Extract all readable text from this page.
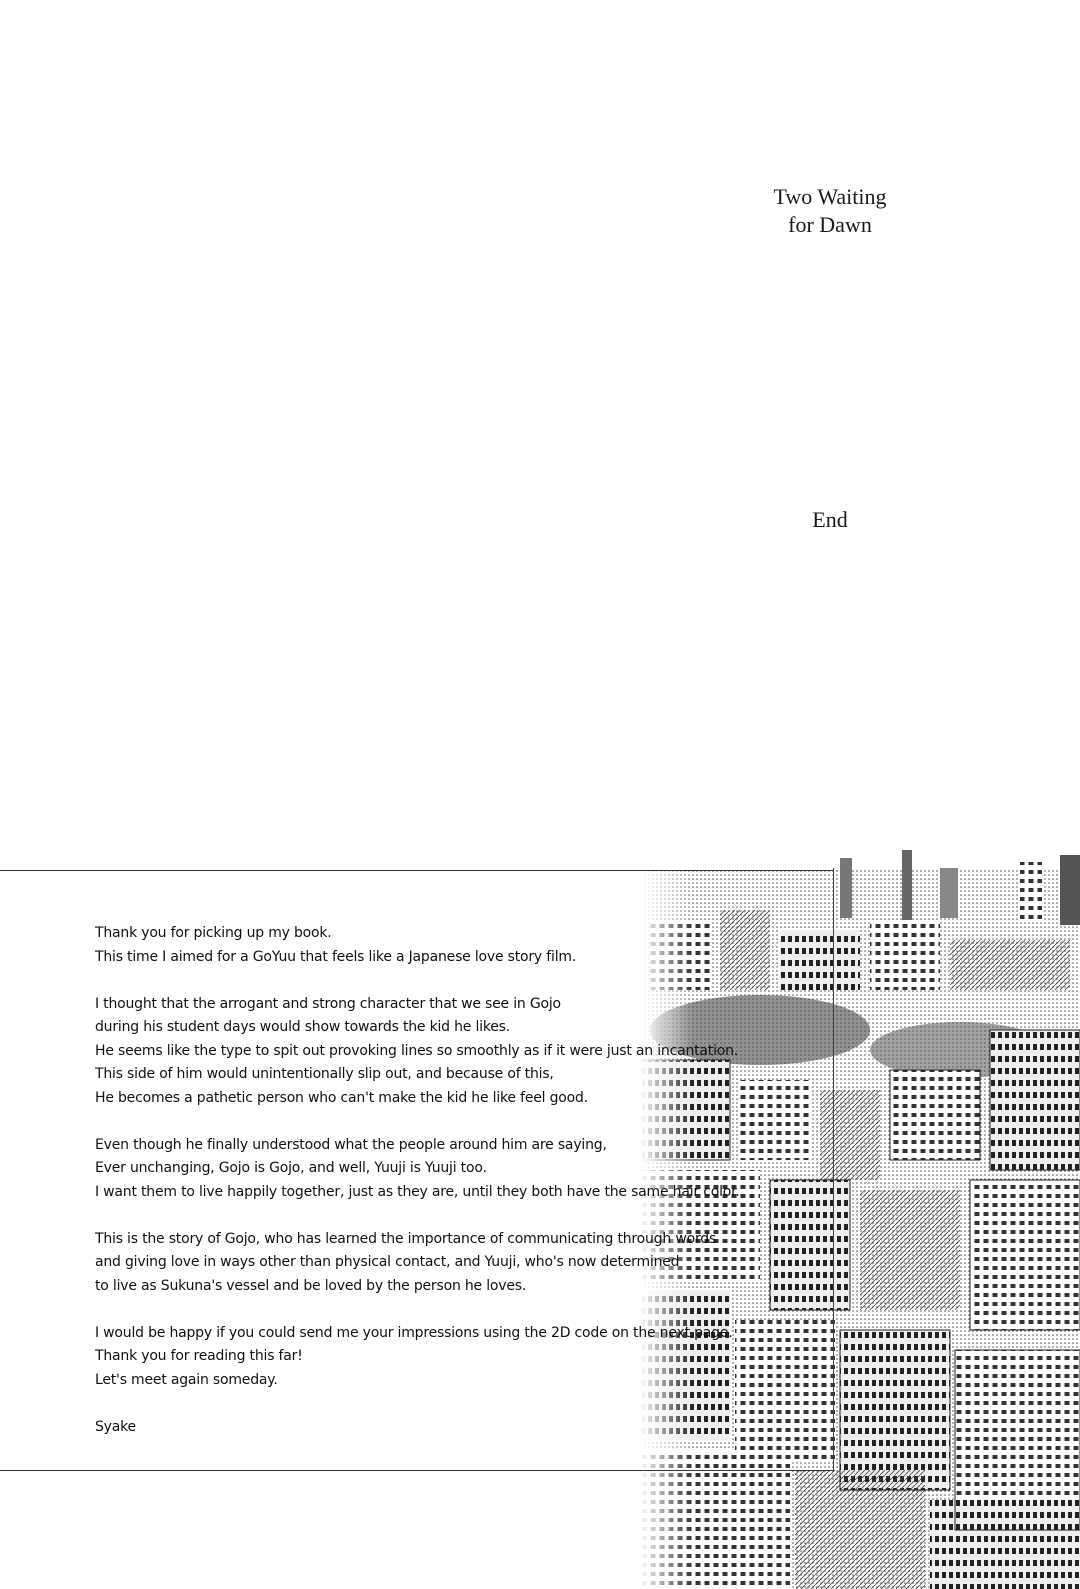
Two Waiting
for Dawn
End

Thank you for picking up my book.
This time I aimed for a GoYuu that feels like a Japanese love story film.

I thought that the arrogant and strong character that we see in Gojo
during his student days would show towards the kid he likes.
He seems like the type to spit out provoking lines so smoothly as if it were just an incantation.
This side of him would unintentionally slip out, and because of this,
He becomes a pathetic person who can't make the kid he like feel good.

Even though he finally understood what the people around him are saying,
Ever unchanging, Gojo is Gojo, and well, Yuuji is Yuuji too.
I want them to live happily together, just as they are, until they both have the same hair color.

This is the story of Gojo, who has learned the importance of communicating through words
and giving love in ways other than physical contact, and Yuuji, who's now determined
to live as Sukuna's vessel and be loved by the person he loves.

I would be happy if you could send me your impressions using the 2D code on the next page.
Thank you for reading this far!
Let's meet again someday.

Syake
